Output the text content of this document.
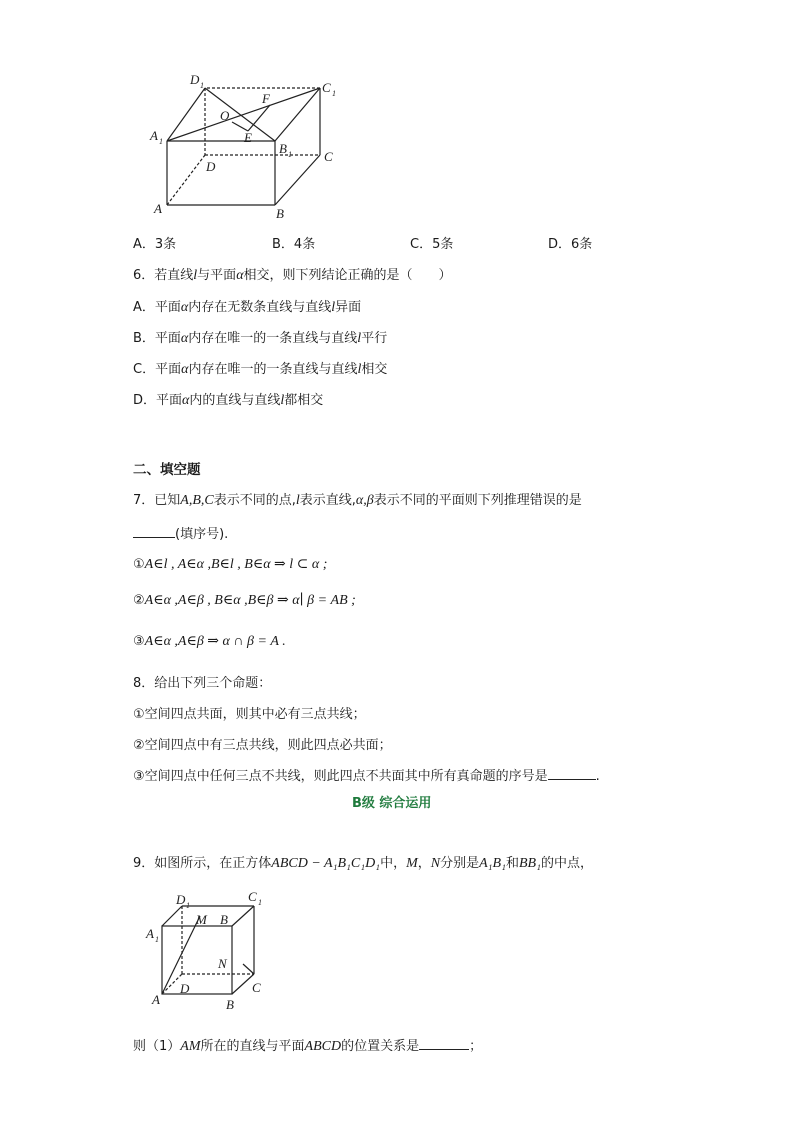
D 1	C 1
F
O
A 1	E
B 1
D
C
A	B
A．3条	B．4条	C．5条	D．6条
6．若直线l与平面α相交，则下列结论正确的是（　　）
A．平面α内存在无数条直线与直线l异面
B．平面α内存在唯一的一条直线与直线l平行
C．平面α内存在唯一的一条直线与直线l相交
D．平面α内的直线与直线l都相交
二、填空题
7．已知A,B,C表示不同的点,l表示直线,α,β表示不同的平面则下列推理错误的是
(填序号).
①A∈l , A∈α ,B∈l , B∈α ⇒ l ⊂ α ;
②A∈α ,A∈β , B∈α ,B∈β ⇒ α∣ β = AB ;
③A∈α ,A∈β ⇒ α ∩ β = A .
8．给出下列三个命题：
①空间四点共面，则其中必有三点共线；
②空间四点中有三点共线，则此四点必共面；
③空间四点中任何三点不共线，则此四点不共面其中所有真命题的序号是	.
B级 综合运用
9．如图所示，在正方体ABCD − A₁B₁C₁D₁中，M，N分别是A₁B₁和BB₁的中点，
D 1
C 1
A 1
M B
N
A
D	C
B
则（1）AM所在的直线与平面ABCD的位置关系是	；
